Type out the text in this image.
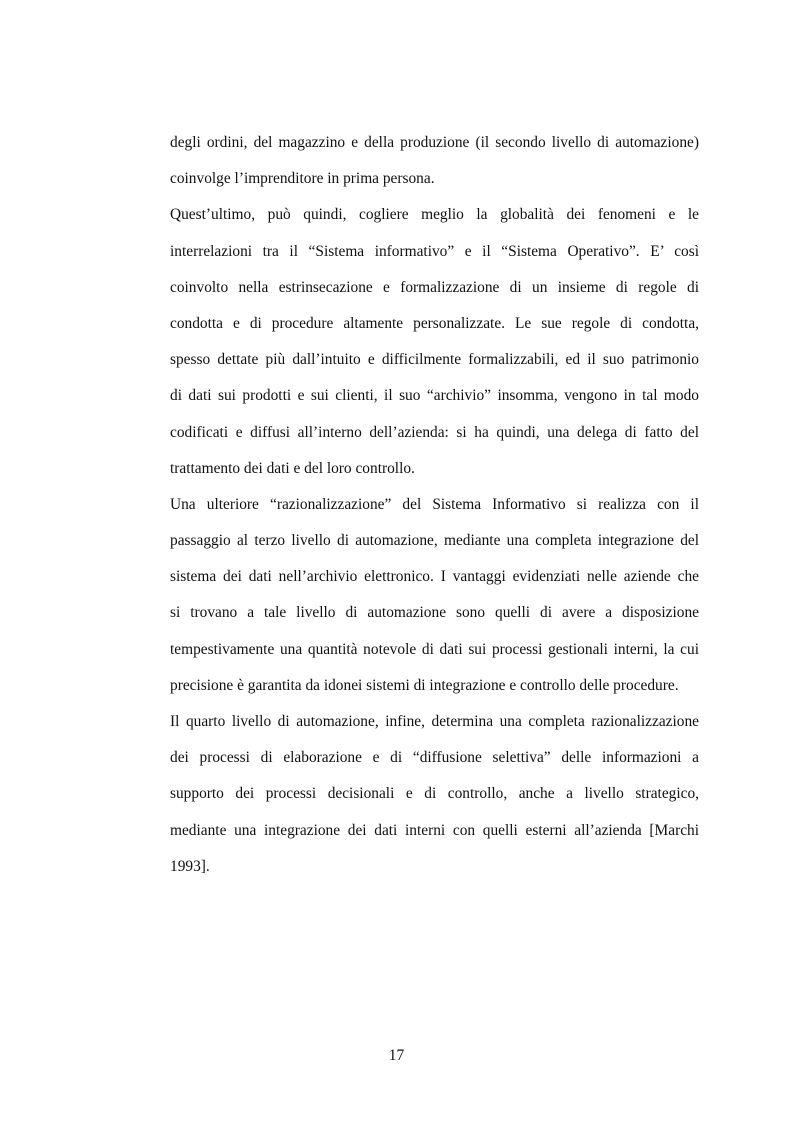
degli ordini, del magazzino e della produzione (il secondo livello di automazione)
coinvolge l’imprenditore in prima persona.
Quest’ultimo, può quindi, cogliere meglio la globalità dei fenomeni e le
interrelazioni tra il “Sistema informativo” e il “Sistema Operativo”. E’ così
coinvolto nella estrinsecazione e formalizzazione di un insieme di regole di
condotta e di procedure altamente personalizzate. Le sue regole di condotta,
spesso dettate più dall’intuito e difficilmente formalizzabili, ed il suo patrimonio
di dati sui prodotti e sui clienti, il suo “archivio” insomma, vengono in tal modo
codificati e diffusi all’interno dell’azienda: si ha quindi, una delega di fatto del
trattamento dei dati e del loro controllo.
Una ulteriore “razionalizzazione” del Sistema Informativo si realizza con il
passaggio al terzo livello di automazione, mediante una completa integrazione del
sistema dei dati nell’archivio elettronico. I vantaggi evidenziati nelle aziende che
si trovano a tale livello di automazione sono quelli di avere a disposizione
tempestivamente una quantità notevole di dati sui processi gestionali interni, la cui
precisione è garantita da idonei sistemi di integrazione e controllo delle procedure.
Il quarto livello di automazione, infine, determina una completa razionalizzazione
dei processi di elaborazione e di “diffusione selettiva” delle informazioni a
supporto dei processi decisionali e di controllo, anche a livello strategico,
mediante una integrazione dei dati interni con quelli esterni all’azienda [Marchi
1993].
17
